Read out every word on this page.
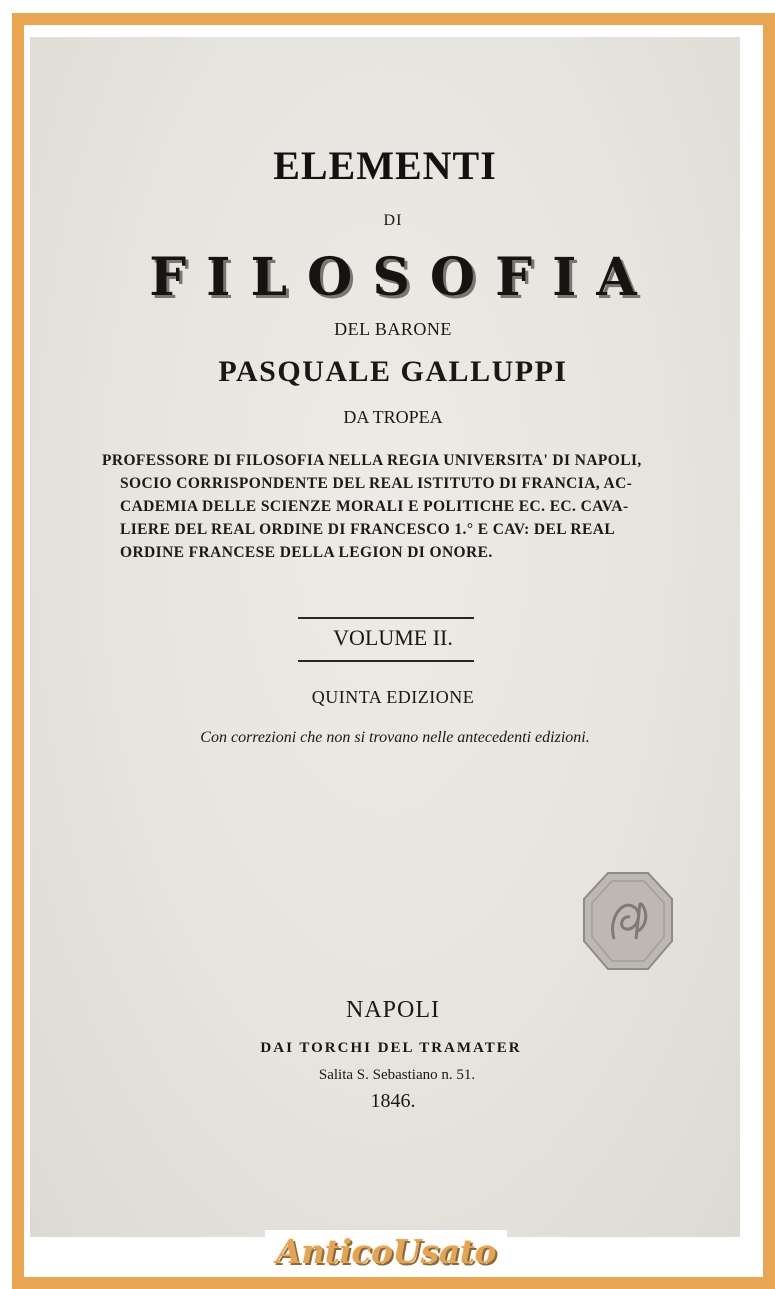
ELEMENTI
DI
FILOSOFIA
DEL BARONE
PASQUALE GALLUPPI
DA TROPEA
PROFESSORE DI FILOSOFIA NELLA REGIA UNIVERSITA' DI NAPOLI,
SOCIO CORRISPONDENTE DEL REAL ISTITUTO DI FRANCIA, AC-
CADEMIA DELLE SCIENZE MORALI E POLITICHE EC. EC. CAVA-
LIERE DEL REAL ORDINE DI FRANCESCO 1.° E CAV: DEL REAL
ORDINE FRANCESE DELLA LEGION DI ONORE.
VOLUME II.
QUINTA EDIZIONE
Con correzioni che non si trovano nelle antecedenti edizioni.
NAPOLI
DAI TORCHI DEL TRAMATER
Salita S. Sebastiano n. 51.
1846.
AnticoUsato
